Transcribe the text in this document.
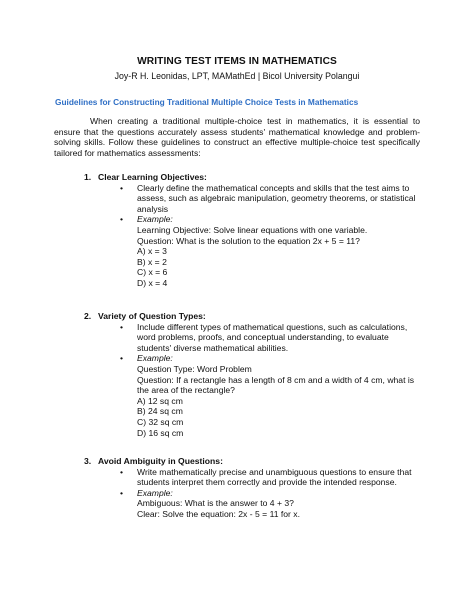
WRITING TEST ITEMS IN MATHEMATICS
Joy-R H. Leonidas, LPT, MAMathEd | Bicol University Polangui
Guidelines for Constructing Traditional Multiple Choice Tests in Mathematics
When creating a traditional multiple-choice test in mathematics, it is essential to ensure that the questions accurately assess students' mathematical knowledge and problem-solving skills. Follow these guidelines to construct an effective multiple-choice test specifically tailored for mathematics assessments:
1. Clear Learning Objectives:
•	Clearly define the mathematical concepts and skills that the test aims to assess, such as algebraic manipulation, geometry theorems, or statistical analysis
•	Example:
Learning Objective: Solve linear equations with one variable.
Question: What is the solution to the equation 2x + 5 = 11?
A) x = 3
B) x = 2
C) x = 6
D) x = 4
2. Variety of Question Types:
•	Include different types of mathematical questions, such as calculations, word problems, proofs, and conceptual understanding, to evaluate students' diverse mathematical abilities.
•	Example:
Question Type: Word Problem
Question: If a rectangle has a length of 8 cm and a width of 4 cm, what is the area of the rectangle?
A) 12 sq cm
B) 24 sq cm
C) 32 sq cm
D) 16 sq cm
3. Avoid Ambiguity in Questions:
•	Write mathematically precise and unambiguous questions to ensure that students interpret them correctly and provide the intended response.
•	Example:
Ambiguous: What is the answer to 4 + 3?
Clear: Solve the equation: 2x - 5 = 11 for x.
